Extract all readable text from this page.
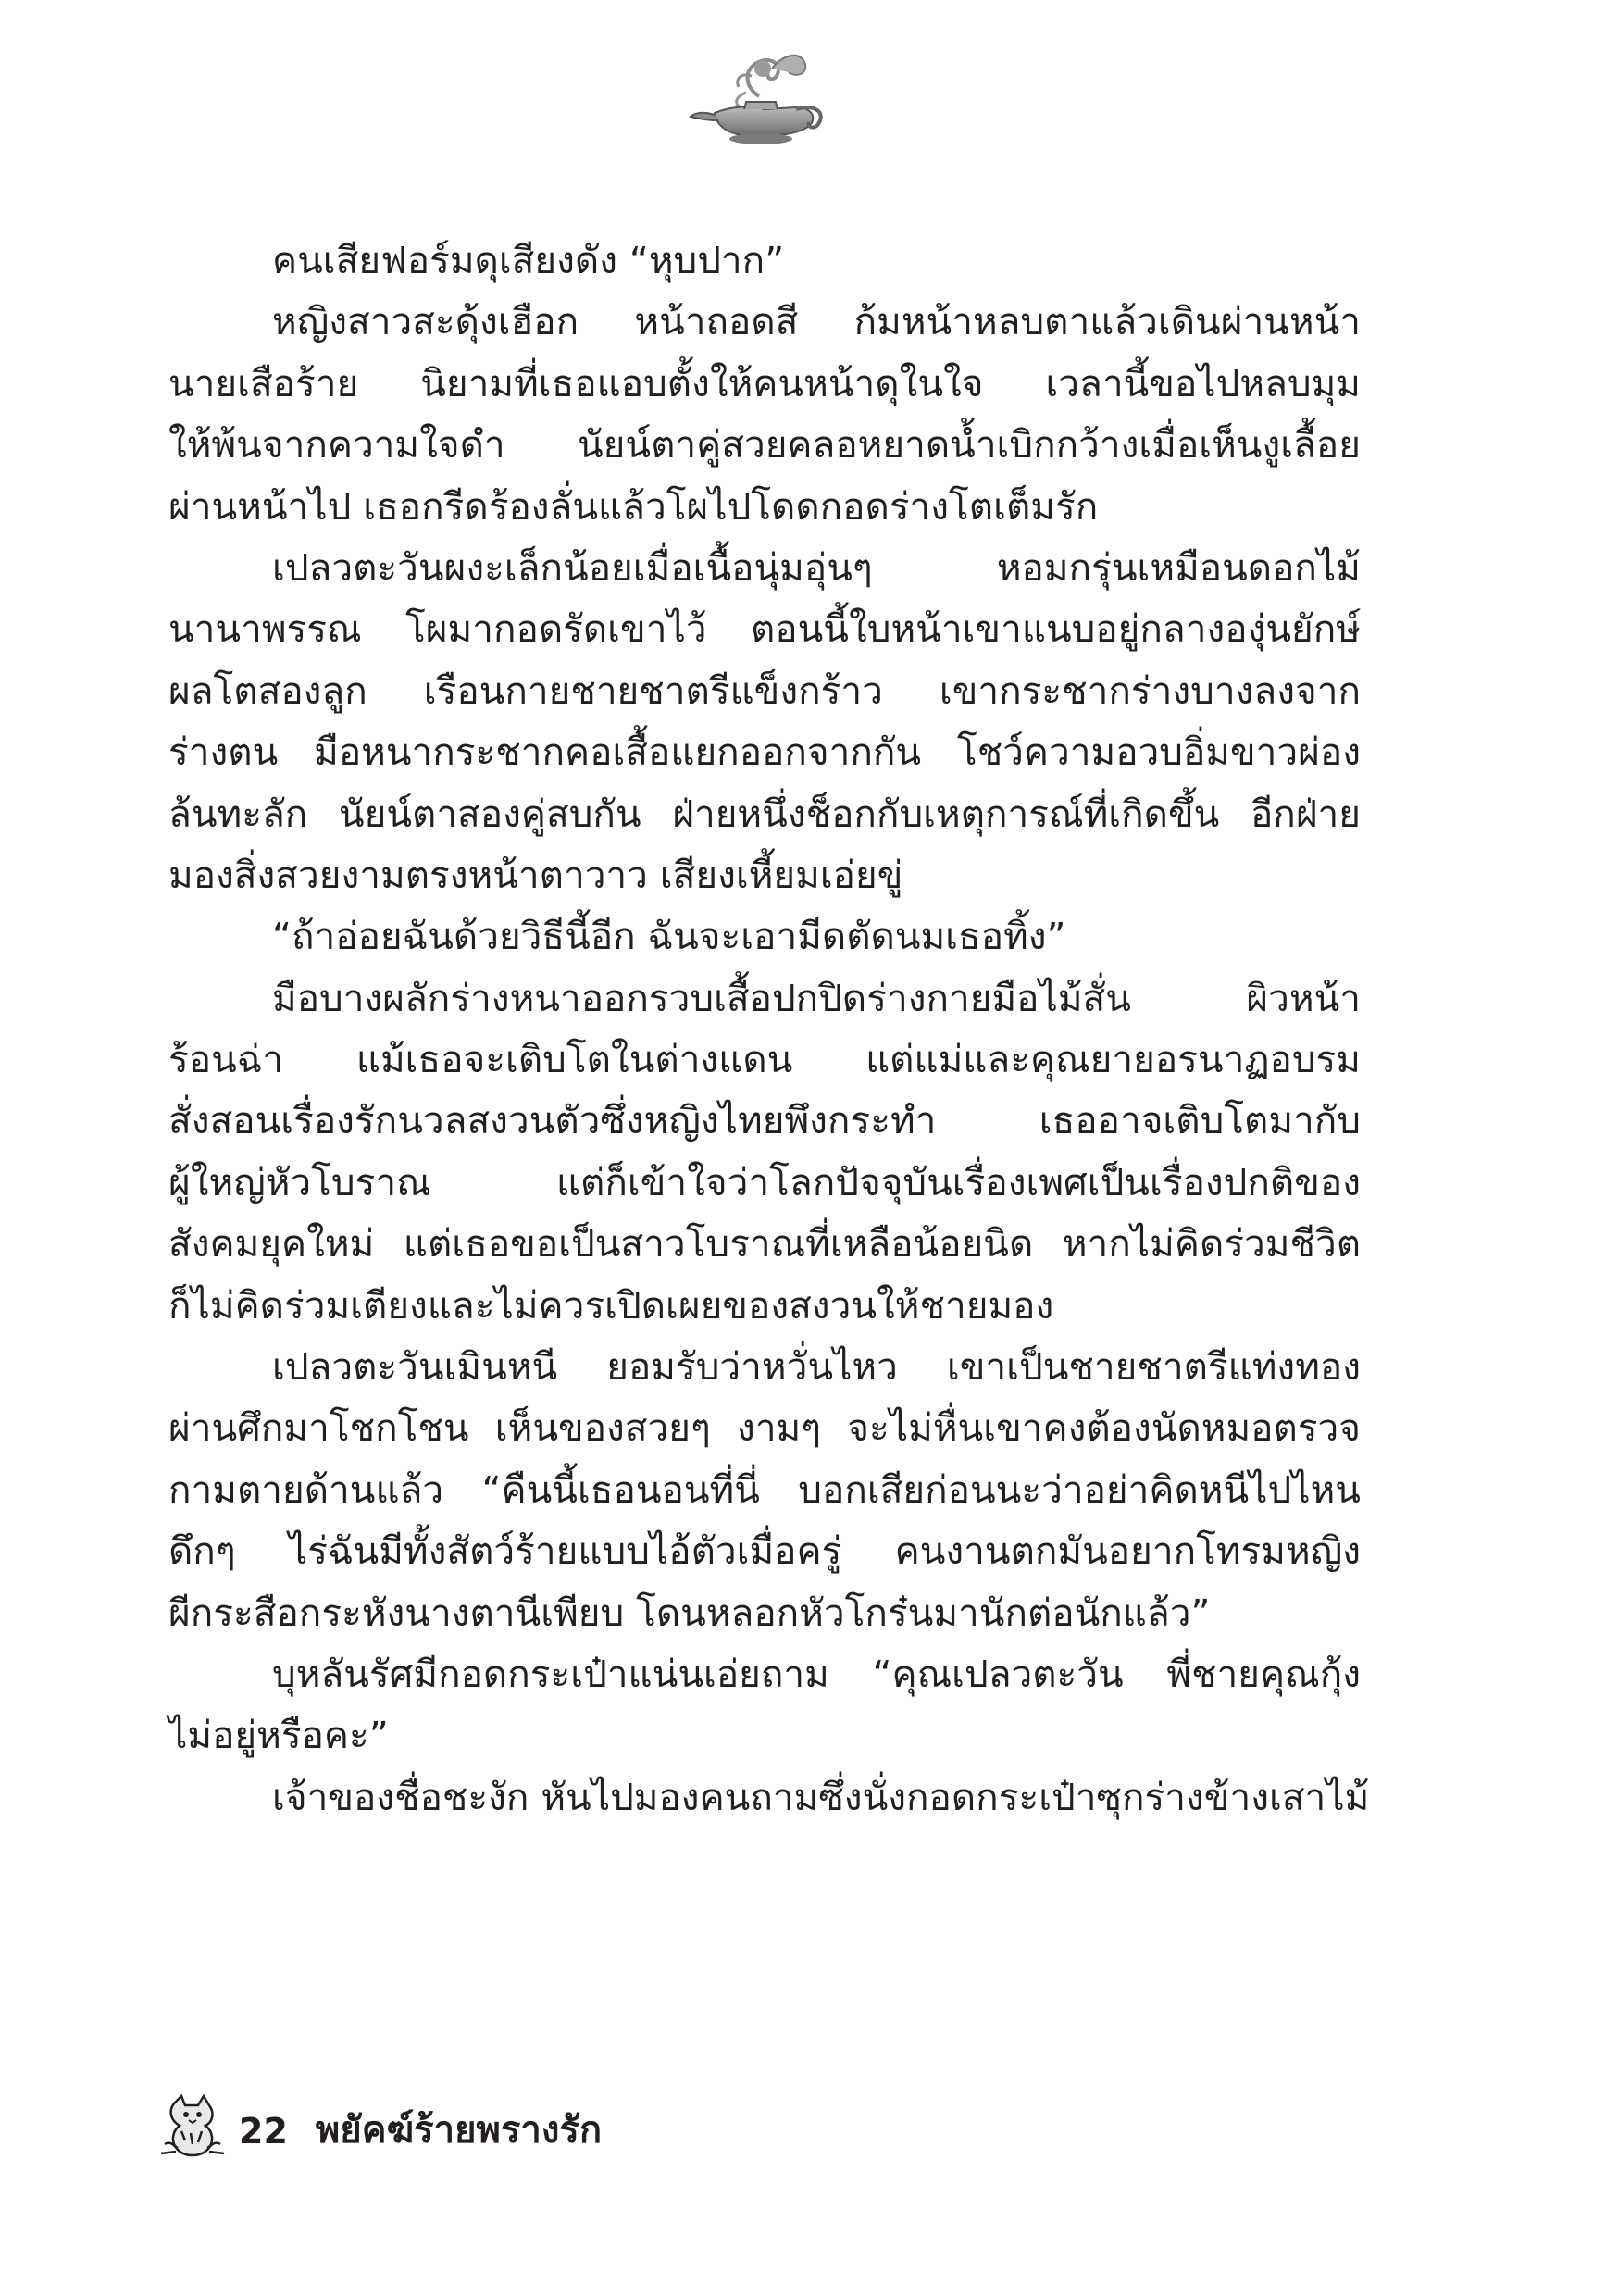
คนเสียฟอร์มดุเสียงดัง “หุบปาก”
หญิงสาวสะดุ้งเฮือก หน้าถอดสี ก้มหน้าหลบตาแล้วเดินผ่านหน้า
นายเสือร้าย นิยามที่เธอแอบตั้งให้คนหน้าดุในใจ เวลานี้ขอไปหลบมุม
ให้พ้นจากความใจดำ นัยน์ตาคู่สวยคลอหยาดน้ำเบิกกว้างเมื่อเห็นงูเลื้อย
ผ่านหน้าไป เธอกรีดร้องลั่นแล้วโผไปโดดกอดร่างโตเต็มรัก
เปลวตะวันผงะเล็กน้อยเมื่อเนื้อนุ่มอุ่นๆ หอมกรุ่นเหมือนดอกไม้
นานาพรรณ โผมากอดรัดเขาไว้ ตอนนี้ใบหน้าเขาแนบอยู่กลางองุ่นยักษ์
ผลโตสองลูก เรือนกายชายชาตรีแข็งกร้าว เขากระชากร่างบางลงจาก
ร่างตน มือหนากระชากคอเสื้อแยกออกจากกัน โชว์ความอวบอิ่มขาวผ่อง
ล้นทะลัก นัยน์ตาสองคู่สบกัน ฝ่ายหนึ่งช็อกกับเหตุการณ์ที่เกิดขึ้น อีกฝ่าย
มองสิ่งสวยงามตรงหน้าตาวาว เสียงเหี้ยมเอ่ยขู่
“ถ้าอ่อยฉันด้วยวิธีนี้อีก ฉันจะเอามีดตัดนมเธอทิ้ง”
มือบางผลักร่างหนาออกรวบเสื้อปกปิดร่างกายมือไม้สั่น ผิวหน้า
ร้อนฉ่า แม้เธอจะเติบโตในต่างแดน แต่แม่และคุณยายอรนาฏอบรม
สั่งสอนเรื่องรักนวลสงวนตัวซึ่งหญิงไทยพึงกระทำ เธออาจเติบโตมากับ
ผู้ใหญ่หัวโบราณ แต่ก็เข้าใจว่าโลกปัจจุบันเรื่องเพศเป็นเรื่องปกติของ
สังคมยุคใหม่ แต่เธอขอเป็นสาวโบราณที่เหลือน้อยนิด หากไม่คิดร่วมชีวิต
ก็ไม่คิดร่วมเตียงและไม่ควรเปิดเผยของสงวนให้ชายมอง
เปลวตะวันเมินหนี ยอมรับว่าหวั่นไหว เขาเป็นชายชาตรีแท่งทอง
ผ่านศึกมาโชกโชน เห็นของสวยๆ งามๆ จะไม่หื่นเขาคงต้องนัดหมอตรวจ
กามตายด้านแล้ว “คืนนี้เธอนอนที่นี่ บอกเสียก่อนนะว่าอย่าคิดหนีไปไหน
ดึกๆ ไร่ฉันมีทั้งสัตว์ร้ายแบบไอ้ตัวเมื่อครู่ คนงานตกมันอยากโทรมหญิง
ผีกระสือกระหังนางตานีเพียบ โดนหลอกหัวโกร๋นมานักต่อนักแล้ว”
บุหลันรัศมีกอดกระเป๋าแน่นเอ่ยถาม “คุณเปลวตะวัน พี่ชายคุณกุ้ง
ไม่อยู่หรือคะ”
เจ้าของชื่อชะงัก หันไปมองคนถามซึ่งนั่งกอดกระเป๋าซุกร่างข้างเสาไม้
22 พยัคฆ์ร้ายพรางรัก
